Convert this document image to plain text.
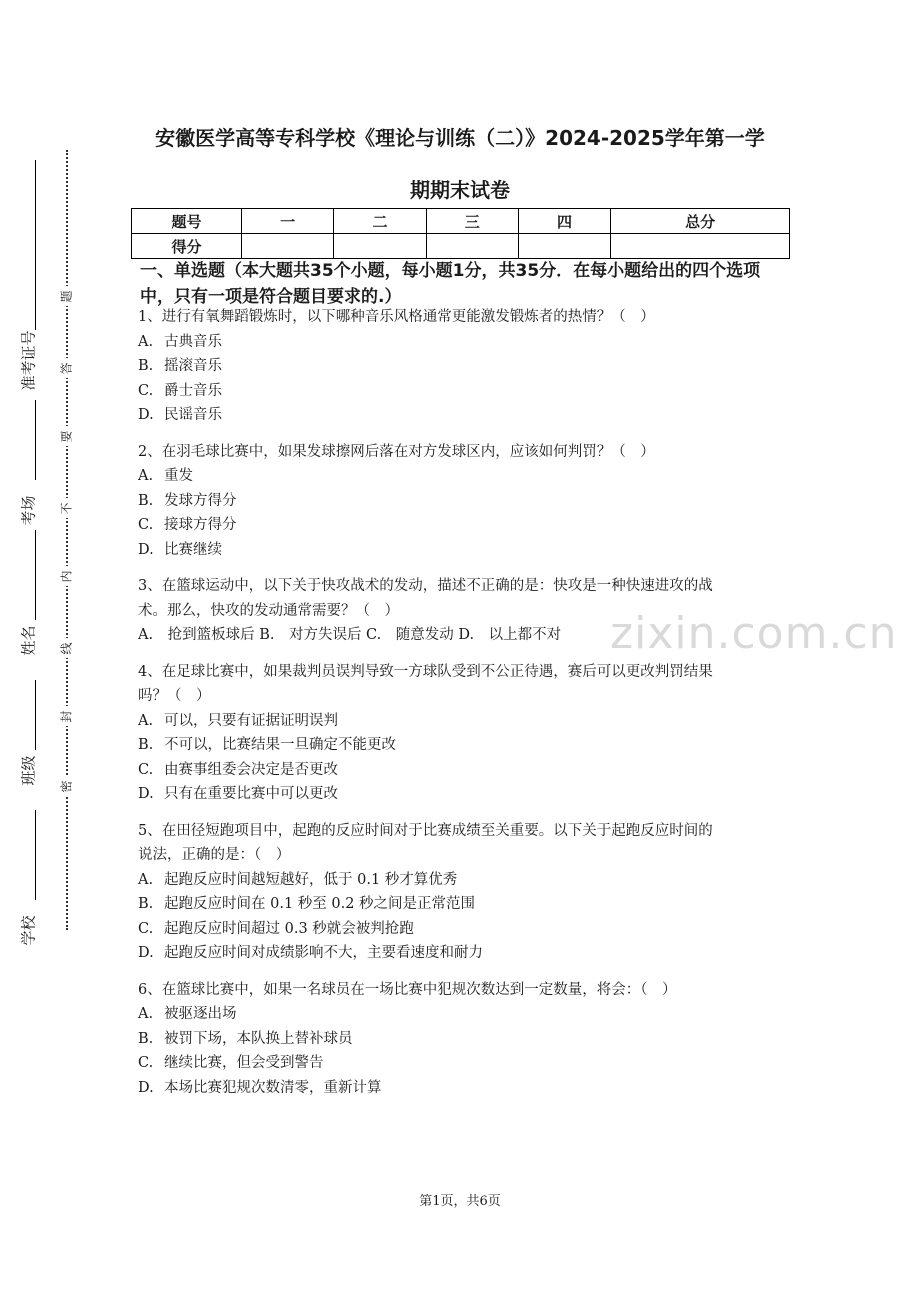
准考证号
考场
姓名
班级
学校
题
答
要
不
内
线
封
密
安徽医学高等专科学校《理论与训练（二）》2024-2025学年第一学
期期末试卷
题号	一	二	三	四	总分
得分					
一、单选题（本大题共35个小题，每小题1分，共35分．在每小题给出的四个选项中，只有一项是符合题目要求的.）
1、进行有氧舞蹈锻炼时，以下哪种音乐风格通常更能激发锻炼者的热情？（　）
A. 古典音乐
B. 摇滚音乐
C. 爵士音乐
D. 民谣音乐
2、在羽毛球比赛中，如果发球擦网后落在对方发球区内，应该如何判罚？（　）
A. 重发
B. 发球方得分
C. 接球方得分
D. 比赛继续
3、在篮球运动中，以下关于快攻战术的发动，描述不正确的是：快攻是一种快速进攻的战
术。那么，快攻的发动通常需要？（　）
A.　抢到篮板球后 B.　对方失误后 C.　随意发动 D.　以上都不对
4、在足球比赛中，如果裁判员误判导致一方球队受到不公正待遇，赛后可以更改判罚结果
吗？（　）
A. 可以，只要有证据证明误判
B. 不可以，比赛结果一旦确定不能更改
C. 由赛事组委会决定是否更改
D. 只有在重要比赛中可以更改
5、在田径短跑项目中，起跑的反应时间对于比赛成绩至关重要。以下关于起跑反应时间的
说法，正确的是：（　）
A. 起跑反应时间越短越好，低于 0.1 秒才算优秀
B. 起跑反应时间在 0.1 秒至 0.2 秒之间是正常范围
C. 起跑反应时间超过 0.3 秒就会被判抢跑
D. 起跑反应时间对成绩影响不大，主要看速度和耐力
6、在篮球比赛中，如果一名球员在一场比赛中犯规次数达到一定数量，将会：（　）
A. 被驱逐出场
B. 被罚下场，本队换上替补球员
C. 继续比赛，但会受到警告
D. 本场比赛犯规次数清零，重新计算
zixin.com.cn
第1页，共6页
